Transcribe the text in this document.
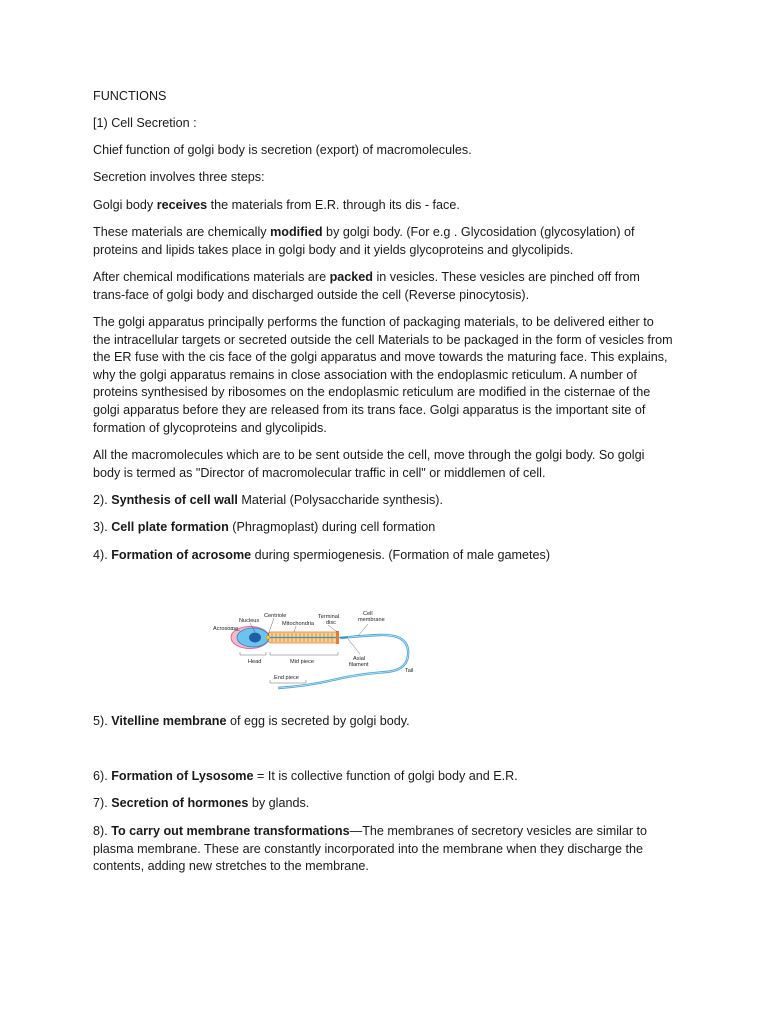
FUNCTIONS

[1) Cell Secretion :

Chief function of golgi body is secretion (export) of macromolecules.

Secretion involves three steps:

Golgi body receives the materials from E.R. through its dis - face.

These materials are chemically modified by golgi body. (For e.g . Glycosidation (glycosylation) of proteins and lipids takes place in golgi body and it yields glycoproteins and glycolipids.

After chemical modifications materials are packed in vesicles. These vesicles are pinched off from trans-face of golgi body and discharged outside the cell (Reverse pinocytosis).

The golgi apparatus principally performs the function of packaging materials, to be delivered either to the intracellular targets or secreted outside the cell Materials to be packaged in the form of vesicles from the ER fuse with the cis face of the golgi apparatus and move towards the maturing face. This explains, why the golgi apparatus remains in close association with the endoplasmic reticulum. A number of proteins synthesised by ribosomes on the endoplasmic reticulum are modified in the cisternae of the golgi apparatus before they are released from its trans face. Golgi apparatus is the important site of formation of glycoproteins and glycolipids.

All the macromolecules which are to be sent outside the cell, move through the golgi body. So golgi body is termed as "Director of macromolecular traffic in cell" or middlemen of cell.

2). Synthesis of cell wall Material (Polysaccharide synthesis).

3). Cell plate formation (Phragmoplast) during cell formation

4). Formation of acrosome during spermiogenesis. (Formation of male gametes)

Acrosome
Nucleus
Centriole
Mitochondria
Terminal
disc
Cell
membrane
Axial
filament
Tail
Head	Mid piece
End piece

5). Vitelline membrane of egg is secreted by golgi body.

6). Formation of Lysosome = It is collective function of golgi body and E.R.

7). Secretion of hormones by glands.

8). To carry out membrane transformations—The membranes of secretory vesicles are similar to plasma membrane. These are constantly incorporated into the membrane when they discharge the contents, adding new stretches to the membrane.
